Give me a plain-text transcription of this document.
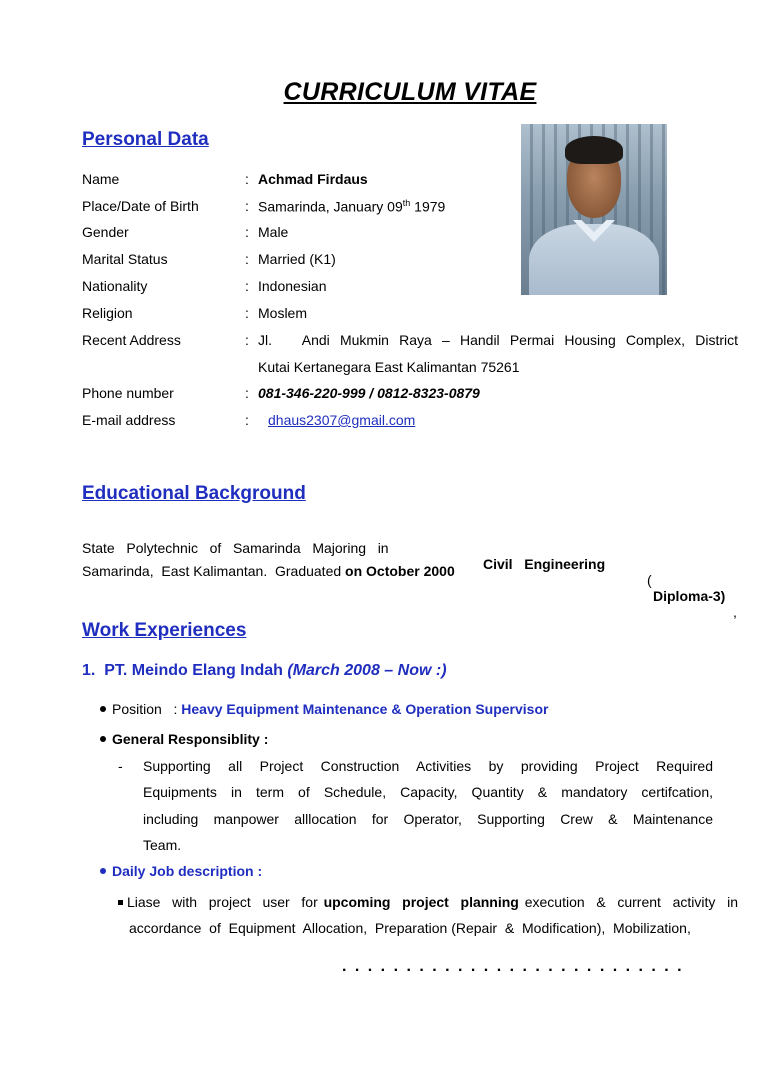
CURRICULUM VITAE
Personal Data
Name	: Achmad Firdaus
Place/Date of Birth	: Samarinda, January 09th 1979
Gender	: Male
Marital Status	: Married (K1)
Nationality	: Indonesian
Religion	: Moslem
Recent Address	: Jl.   Andi Mukmin Raya – Handil Permai Housing Complex, District
Kutai Kertanegara East Kalimantan 75261
Phone number	: 081-346-220-999 / 0812-8323-0879
E-mail address	: dhaus2307@gmail.com
Educational Background

State   Polytechnic   of   Samarinda   Majoring   in

Civil   Engineering

(

Diploma-3)

,

Samarinda,  East Kalimantan.  Graduated on October 2000
Work Experiences
1.  PT. Meindo Elang Indah (March 2008 – Now :)
Position   : Heavy Equipment Maintenance & Operation Supervisor
General Responsiblity :
- Supporting  all  Project  Construction  Activities  by  providing  Project  Required
Equipments  in  term  of  Schedule,  Capacity,  Quantity  &  mandatory  certifcation,
including  manpower  alllocation  for  Operator,  Supporting  Crew  &  Maintenance
Team.
Daily Job description :
Liase  with  project  user  for upcoming  project  planning execution  &  current  activity  in
accordance  of  Equipment  Allocation,  Preparation (Repair  &  Modification),  Mobilization,
. . . . . . . . . . . . . . . . . . . . . . . . . . .
